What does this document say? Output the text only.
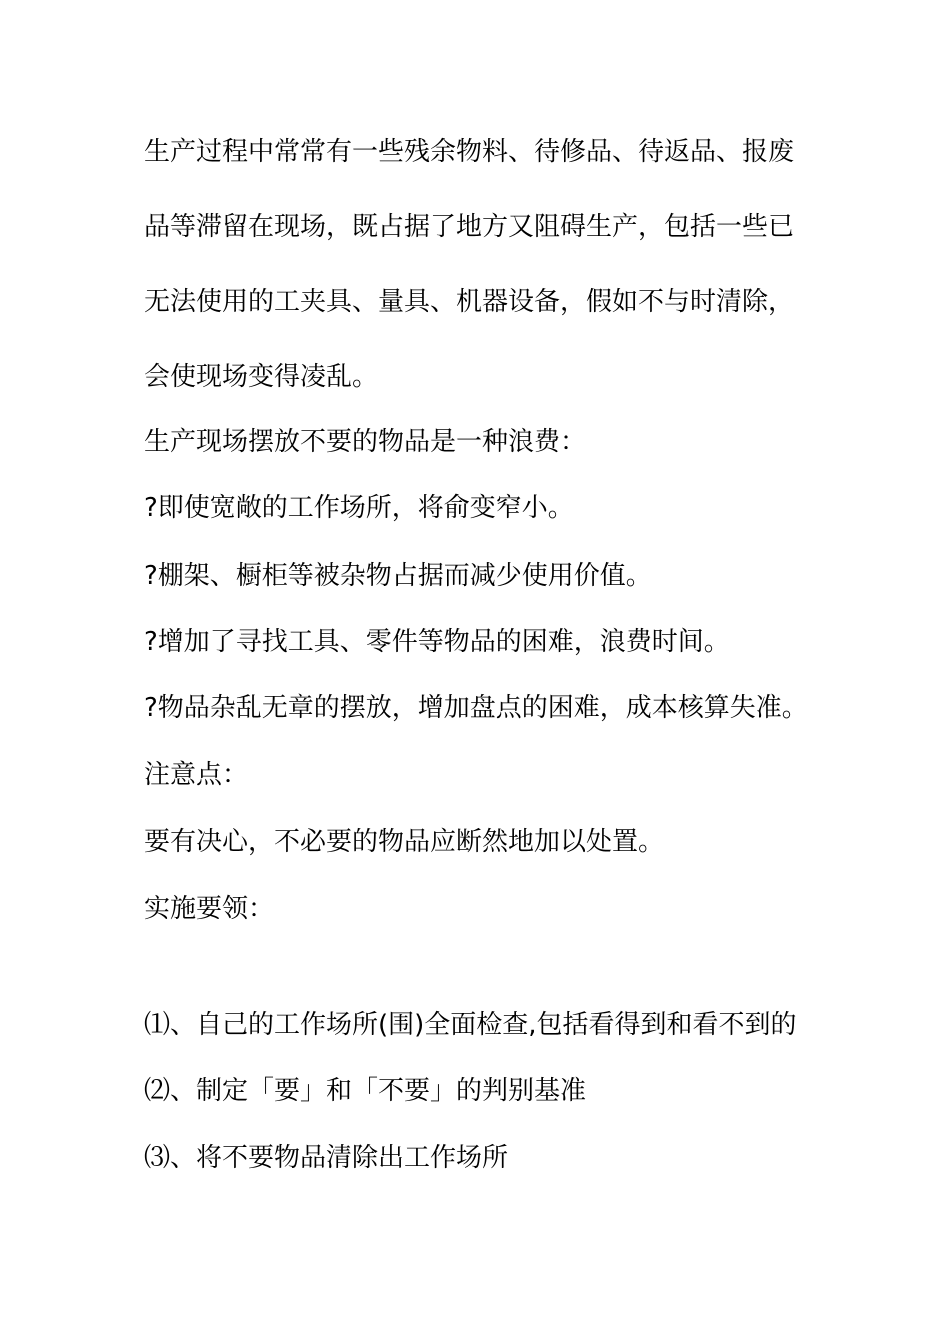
生产过程中常常有一些残余物料、待修品、待返品、报废
品等滞留在现场，既占据了地方又阻碍生产，包括一些已
无法使用的工夹具、量具、机器设备，假如不与时清除，
会使现场变得凌乱。
生产现场摆放不要的物品是一种浪费：
?即使宽敞的工作场所，将俞变窄小。
?棚架、橱柜等被杂物占据而减少使用价值。
?增加了寻找工具、零件等物品的困难，浪费时间。
?物品杂乱无章的摆放，增加盘点的困难，成本核算失准。
注意点：
要有决心，不必要的物品应断然地加以处置。
实施要领：
⑴、自己的工作场所(围)全面检查,包括看得到和看不到的
⑵、制定「要」和「不要」的判别基准
⑶、将不要物品清除出工作场所
